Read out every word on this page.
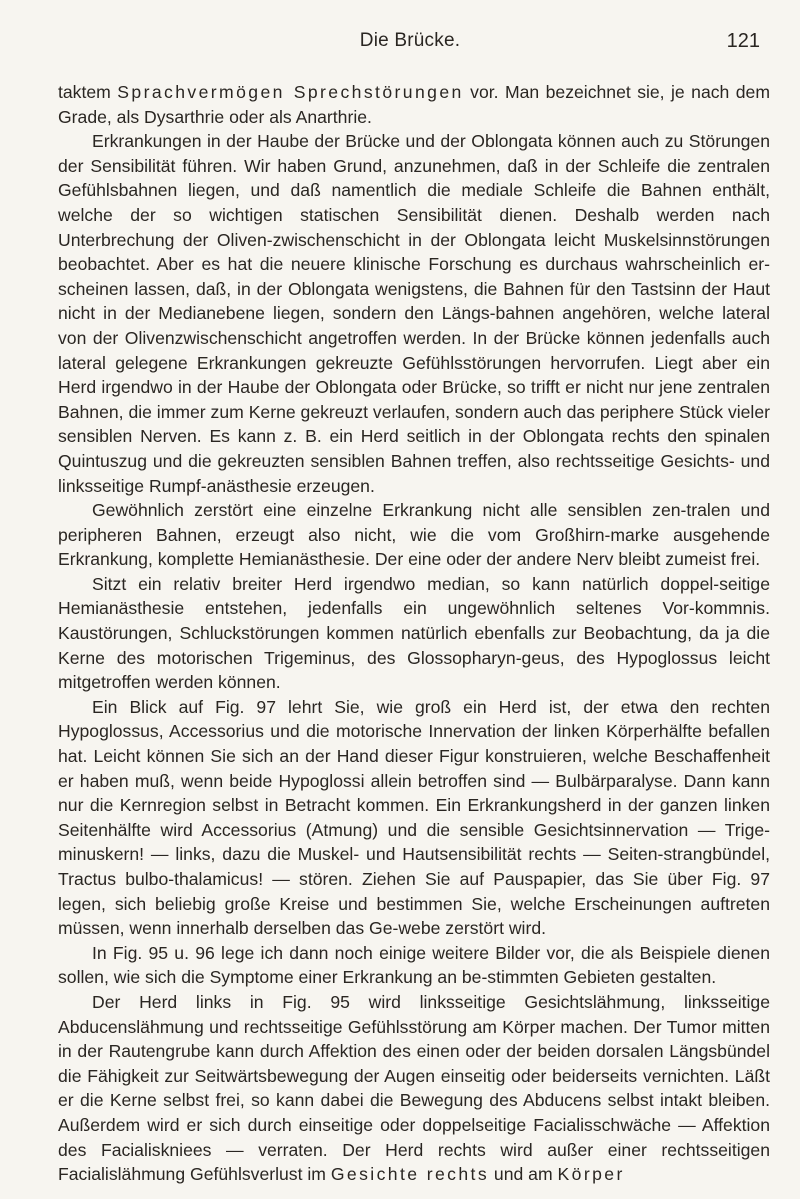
Die Brücke.	121

taktem Sprachvermögen Sprechstörungen vor. Man bezeichnet sie, je nach dem Grade, als Dysarthrie oder als Anarthrie.

Erkrankungen in der Haube der Brücke und der Oblongata können auch zu Störungen der Sensibilität führen. Wir haben Grund, anzunehmen, daß in der Schleife die zentralen Gefühlsbahnen liegen, und daß namentlich die mediale Schleife die Bahnen enthält, welche der so wichtigen statischen Sensibilität dienen. Deshalb werden nach Unterbrechung der Oliven-zwischenschicht in der Oblongata leicht Muskelsinnstörungen beobachtet. Aber es hat die neuere klinische Forschung es durchaus wahrscheinlich er-scheinen lassen, daß, in der Oblongata wenigstens, die Bahnen für den Tastsinn der Haut nicht in der Medianebene liegen, sondern den Längs-bahnen angehören, welche lateral von der Olivenzwischenschicht angetroffen werden. In der Brücke können jedenfalls auch lateral gelegene Erkrankungen gekreuzte Gefühlsstörungen hervorrufen. Liegt aber ein Herd irgendwo in der Haube der Oblongata oder Brücke, so trifft er nicht nur jene zentralen Bahnen, die immer zum Kerne gekreuzt verlaufen, sondern auch das periphere Stück vieler sensiblen Nerven. Es kann z. B. ein Herd seitlich in der Oblongata rechts den spinalen Quintuszug und die gekreuzten sensiblen Bahnen treffen, also rechtsseitige Gesichts- und linksseitige Rumpf-anästhesie erzeugen.

Gewöhnlich zerstört eine einzelne Erkrankung nicht alle sensiblen zen-tralen und peripheren Bahnen, erzeugt also nicht, wie die vom Großhirn-marke ausgehende Erkrankung, komplette Hemianästhesie. Der eine oder der andere Nerv bleibt zumeist frei.

Sitzt ein relativ breiter Herd irgendwo median, so kann natürlich doppel-seitige Hemianästhesie entstehen, jedenfalls ein ungewöhnlich seltenes Vor-kommnis. Kaustörungen, Schluckstörungen kommen natürlich ebenfalls zur Beobachtung, da ja die Kerne des motorischen Trigeminus, des Glossopharyn-geus, des Hypoglossus leicht mitgetroffen werden können.

Ein Blick auf Fig. 97 lehrt Sie, wie groß ein Herd ist, der etwa den rechten Hypoglossus, Accessorius und die motorische Innervation der linken Körperhälfte befallen hat. Leicht können Sie sich an der Hand dieser Figur konstruieren, welche Beschaffenheit er haben muß, wenn beide Hypoglossi allein betroffen sind — Bulbärparalyse. Dann kann nur die Kernregion selbst in Betracht kommen. Ein Erkrankungsherd in der ganzen linken Seitenhälfte wird Accessorius (Atmung) und die sensible Gesichtsinnervation — Trige-minuskern! — links, dazu die Muskel- und Hautsensibilität rechts — Seiten-strangbündel, Tractus bulbo-thalamicus! — stören. Ziehen Sie auf Pauspapier, das Sie über Fig. 97 legen, sich beliebig große Kreise und bestimmen Sie, welche Erscheinungen auftreten müssen, wenn innerhalb derselben das Ge-webe zerstört wird.

In Fig. 95 u. 96 lege ich dann noch einige weitere Bilder vor, die als Beispiele dienen sollen, wie sich die Symptome einer Erkrankung an be-stimmten Gebieten gestalten.

Der Herd links in Fig. 95 wird linksseitige Gesichtslähmung, linksseitige Abducenslähmung und rechtsseitige Gefühlsstörung am Körper machen. Der Tumor mitten in der Rautengrube kann durch Affektion des einen oder der beiden dorsalen Längsbündel die Fähigkeit zur Seitwärtsbewegung der Augen einseitig oder beiderseits vernichten. Läßt er die Kerne selbst frei, so kann dabei die Bewegung des Abducens selbst intakt bleiben. Außerdem wird er sich durch einseitige oder doppelseitige Facialisschwäche — Affektion des Facialiskniees — verraten. Der Herd rechts wird außer einer rechtsseitigen Facialislähmung Gefühlsverlust im Gesichte rechts und am Körper
